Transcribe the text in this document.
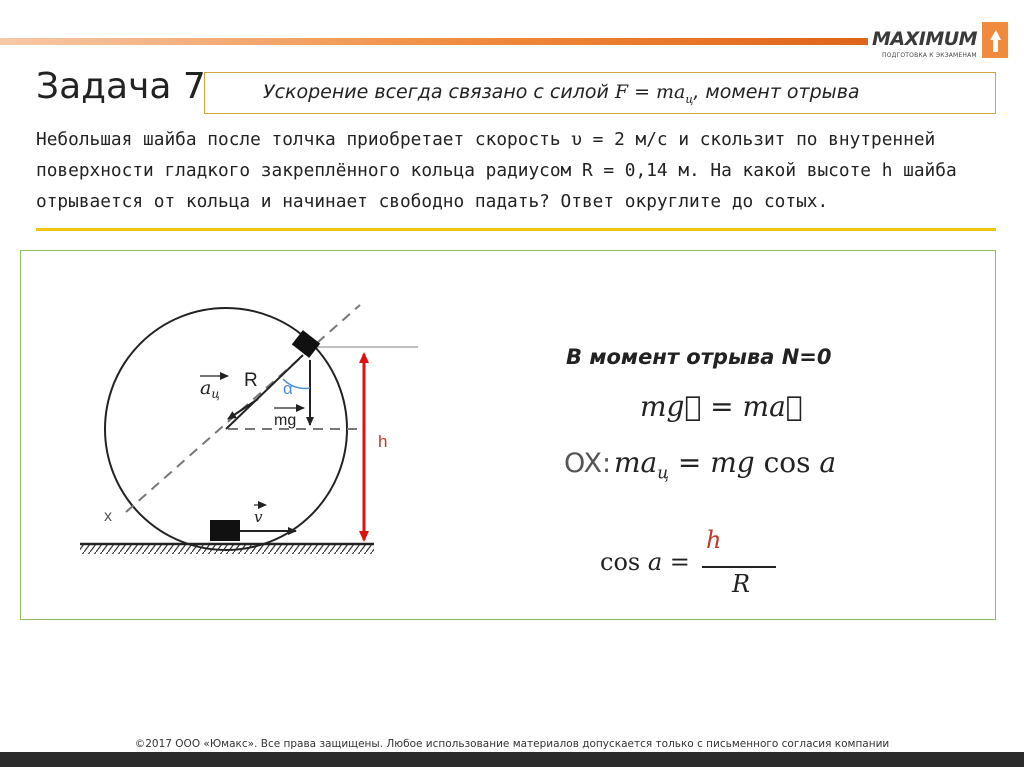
MAXIMUM
ПОДГОТОВКА К ЭКЗАМЕНАМ
Задача 7	Ускорение всегда связано с силой $F = ma_ц$, момент отрыва
Небольшая шайба после толчка приобретает скорость υ = 2 м/с и скользит по внутренней
поверхности гладкого закреплённого кольца радиусом R = 0,14 м. На какой высоте h шайба
отрывается от кольца и начинает свободно падать? Ответ округлите до сотых.
$a_ц$
R α
mg
h
x	v
В момент отрыва N=0
mg⃗ = ma⃗
OX: $ma_ц$ = mg cos a
cos a =
h
R
©2017 ООО «Юмакс». Все права защищены. Любое использование материалов допускается только с письменного согласия компании
